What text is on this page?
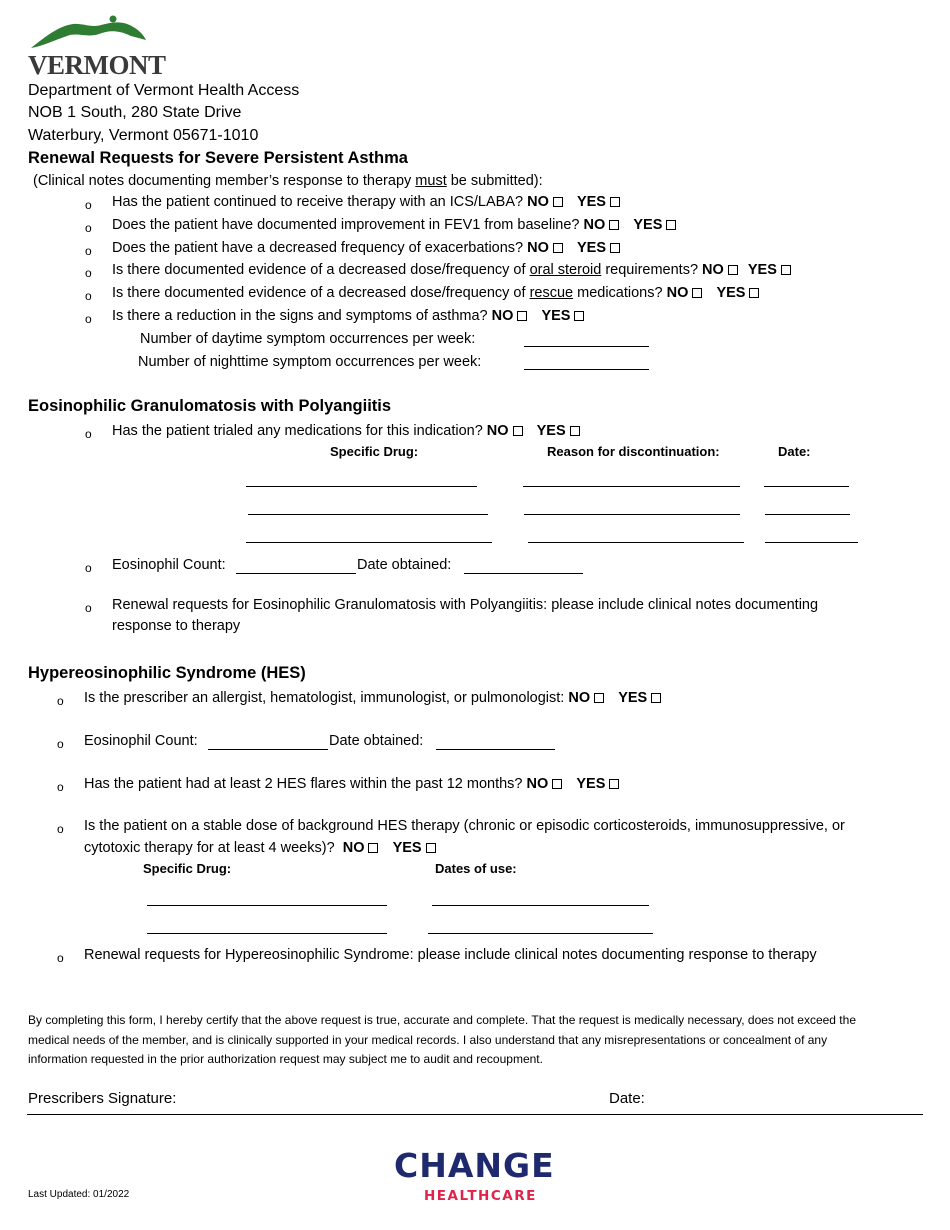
VERMONT
Department of Vermont Health Access
NOB 1 South, 280 State Drive
Waterbury, Vermont 05671-1010
Renewal Requests for Severe Persistent Asthma
(Clinical notes documenting member’s response to therapy must be submitted):
o Has the patient continued to receive therapy with an ICS/LABA? NO YES
o Does the patient have documented improvement in FEV1 from baseline? NO YES
o Does the patient have a decreased frequency of exacerbations? NO YES
o Is there documented evidence of a decreased dose/frequency of oral steroid requirements? NO YES
o Is there documented evidence of a decreased dose/frequency of rescue medications? NO YES
o Is there a reduction in the signs and symptoms of asthma? NO YES
Number of daytime symptom occurrences per week:
Number of nighttime symptom occurrences per week:
Eosinophilic Granulomatosis with Polyangiitis
o Has the patient trialed any medications for this indication? NO YES
Specific Drug:	Reason for discontinuation:	Date:
o Eosinophil Count:	Date obtained:
o Renewal requests for Eosinophilic Granulomatosis with Polyangiitis: please include clinical notes documenting
response to therapy
Hypereosinophilic Syndrome (HES)
o Is the prescriber an allergist, hematologist, immunologist, or pulmonologist: NO YES
o Eosinophil Count:	Date obtained:
o Has the patient had at least 2 HES flares within the past 12 months? NO YES
o Is the patient on a stable dose of background HES therapy (chronic or episodic corticosteroids, immunosuppressive, or
cytotoxic therapy for at least 4 weeks)? NO YES
Specific Drug:	Dates of use:
o Renewal requests for Hypereosinophilic Syndrome: please include clinical notes documenting response to therapy
By completing this form, I hereby certify that the above request is true, accurate and complete. That the request is medically necessary, does not exceed the
medical needs of the member, and is clinically supported in your medical records. I also understand that any misrepresentations or concealment of any
information requested in the prior authorization request may subject me to audit and recoupment.
Prescribers Signature:	Date:
Last Updated: 01/2022
CHANGE
HEALTHCARE
